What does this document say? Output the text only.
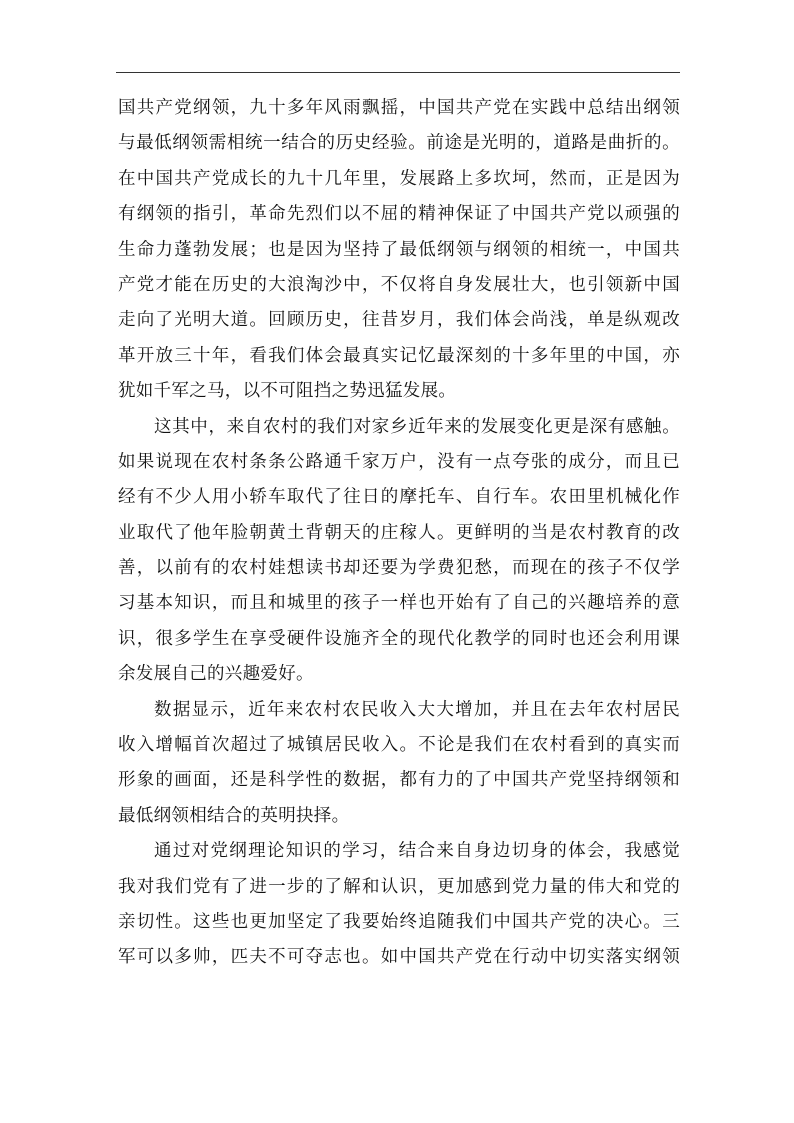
国共产党纲领，九十多年风雨飘摇，中国共产党在实践中总结出纲领
与最低纲领需相统一结合的历史经验。前途是光明的，道路是曲折的。
在中国共产党成长的九十几年里，发展路上多坎坷，然而，正是因为
有纲领的指引，革命先烈们以不屈的精神保证了中国共产党以顽强的
生命力蓬勃发展；也是因为坚持了最低纲领与纲领的相统一，中国共
产党才能在历史的大浪淘沙中，不仅将自身发展壮大，也引领新中国
走向了光明大道。回顾历史，往昔岁月，我们体会尚浅，单是纵观改
革开放三十年，看我们体会最真实记忆最深刻的十多年里的中国，亦
犹如千军之马，以不可阻挡之势迅猛发展。
这其中，来自农村的我们对家乡近年来的发展变化更是深有感触。
如果说现在农村条条公路通千家万户，没有一点夸张的成分，而且已
经有不少人用小轿车取代了往日的摩托车、自行车。农田里机械化作
业取代了他年脸朝黄土背朝天的庄稼人。更鲜明的当是农村教育的改
善，以前有的农村娃想读书却还要为学费犯愁，而现在的孩子不仅学
习基本知识，而且和城里的孩子一样也开始有了自己的兴趣培养的意
识，很多学生在享受硬件设施齐全的现代化教学的同时也还会利用课
余发展自己的兴趣爱好。
数据显示，近年来农村农民收入大大增加，并且在去年农村居民
收入增幅首次超过了城镇居民收入。不论是我们在农村看到的真实而
形象的画面，还是科学性的数据，都有力的了中国共产党坚持纲领和
最低纲领相结合的英明抉择。
通过对党纲理论知识的学习，结合来自身边切身的体会，我感觉
我对我们党有了进一步的了解和认识，更加感到党力量的伟大和党的
亲切性。这些也更加坚定了我要始终追随我们中国共产党的决心。三
军可以多帅，匹夫不可夺志也。如中国共产党在行动中切实落实纲领
